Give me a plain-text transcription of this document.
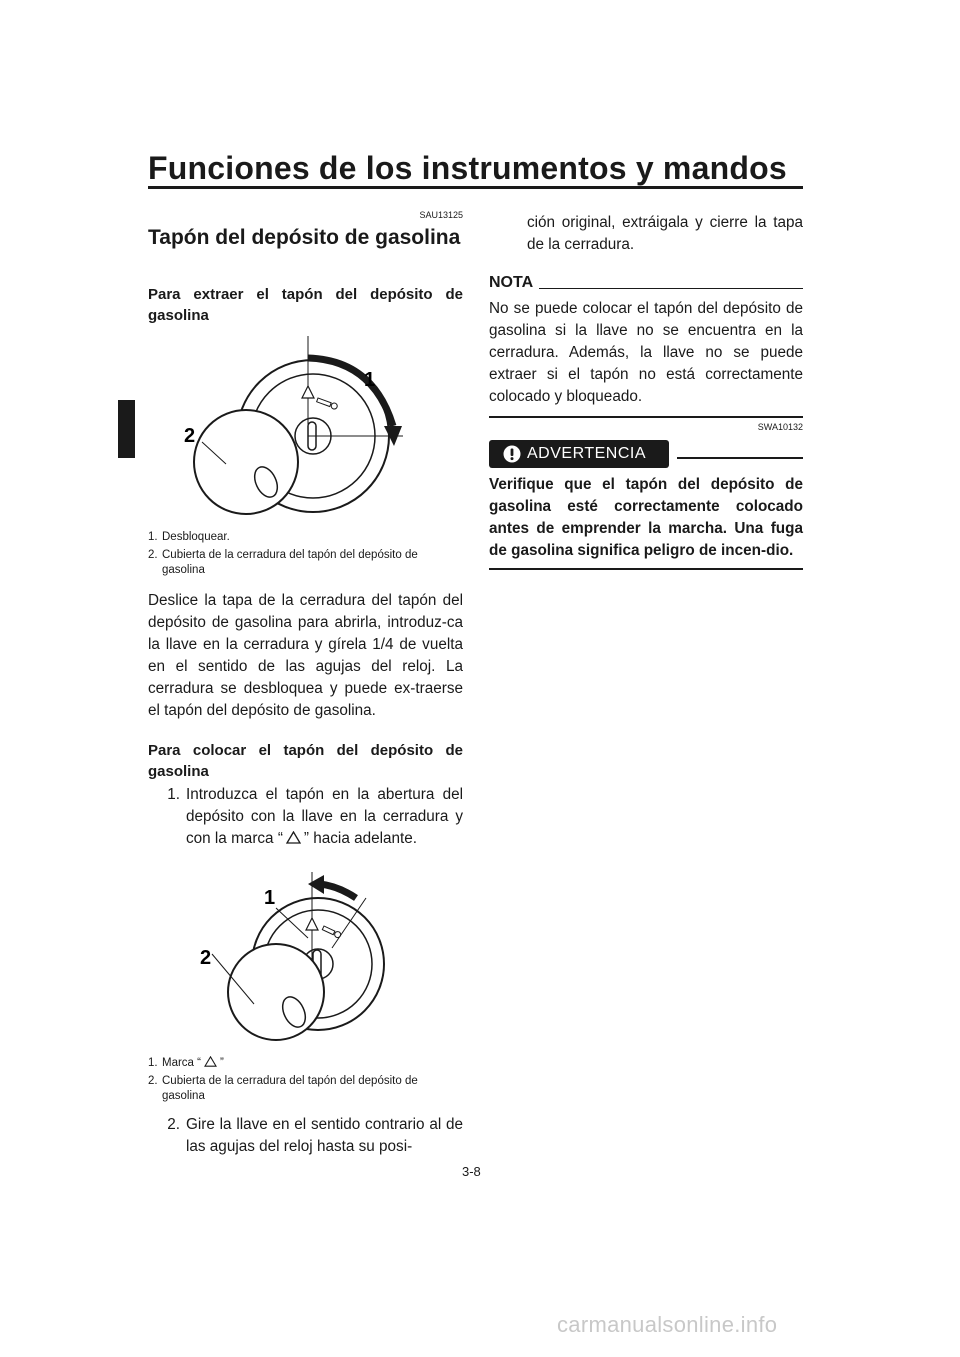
Funciones de los instrumentos y mandos
SAU13125
Tapón del depósito de gasolina
Para extraer el tapón del depósito de gasolina
1
2
1. Desbloquear.
2. Cubierta de la cerradura del tapón del depósito de gasolina
Deslice la tapa de la cerradura del tapón del depósito de gasolina para abrirla, introduz-ca la llave en la cerradura y gírela 1/4 de vuelta en el sentido de las agujas del reloj. La cerradura se desbloquea y puede ex-traerse el tapón del depósito de gasolina.
Para colocar el tapón del depósito de gasolina
1. Introduzca el tapón en la abertura del depósito con la llave en la cerradura y con la marca “ ” hacia adelante.
1
2
1. Marca “ ”
2. Cubierta de la cerradura del tapón del depósito de gasolina
2. Gire la llave en el sentido contrario al de las agujas del reloj hasta su posi-
ción original, extráigala y cierre la tapa de la cerradura.
NOTA
No se puede colocar el tapón del depósito de gasolina si la llave no se encuentra en la cerradura. Además, la llave no se puede extraer si el tapón no está correctamente colocado y bloqueado.
SWA10132
ADVERTENCIA
Verifique que el tapón del depósito de gasolina esté correctamente colocado antes de emprender la marcha. Una fuga de gasolina significa peligro de incen-dio.
3-8
carmanualsonline.info
